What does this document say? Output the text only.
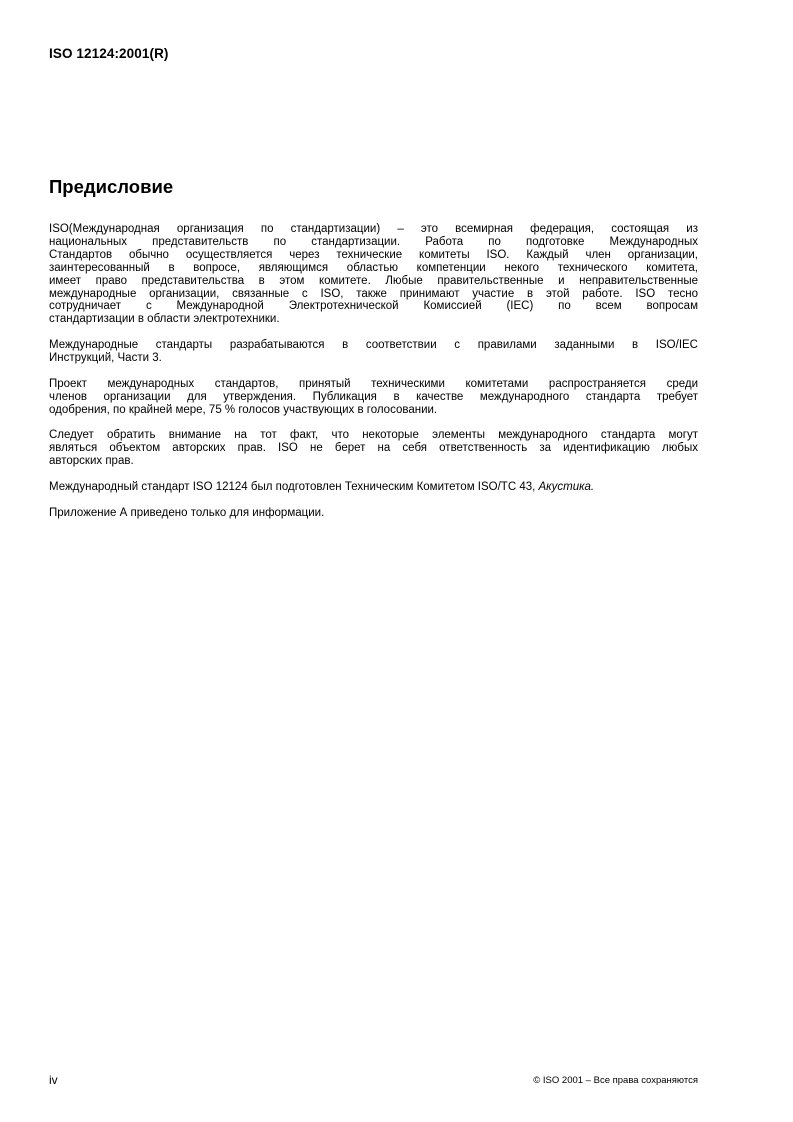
ISO 12124:2001(R)
Предисловие

ISO(Международная организация по стандартизации) – это всемирная федерация, состоящая из
национальных представительств по стандартизации. Работа по подготовке Международных
Стандартов обычно осуществляется через технические комитеты ISO. Каждый член организации,
заинтересованный в вопросе, являющимся областью компетенции некого технического комитета,
имеет право представительства в этом комитете. Любые правительственные и неправительственные
международные организации, связанные с ISO, также принимают участие в этой работе. ISO тесно
сотрудничает с Международной Электротехнической Комиссией (IEC) по всем вопросам
стандартизации в области электротехники.

Международные стандарты разрабатываются в соответствии с правилами заданными в ISO/IEC
Инструкций, Части 3.

Проект международных стандартов, принятый техническими комитетами распространяется среди
членов организации для утверждения. Публикация в качестве международного стандарта требует
одобрения, по крайней мере, 75 % голосов участвующих в голосовании.

Следует обратить внимание на тот факт, что некоторые элементы международного стандарта могут
являться объектом авторских прав. ISO не берет на себя ответственность за идентификацию любых
авторских прав.

Международный стандарт ISO 12124 был подготовлен Техническим Комитетом ISO/TC 43, Акустика.

Приложение А приведено только для информации.

iv	© ISO 2001 – Все права сохраняются
